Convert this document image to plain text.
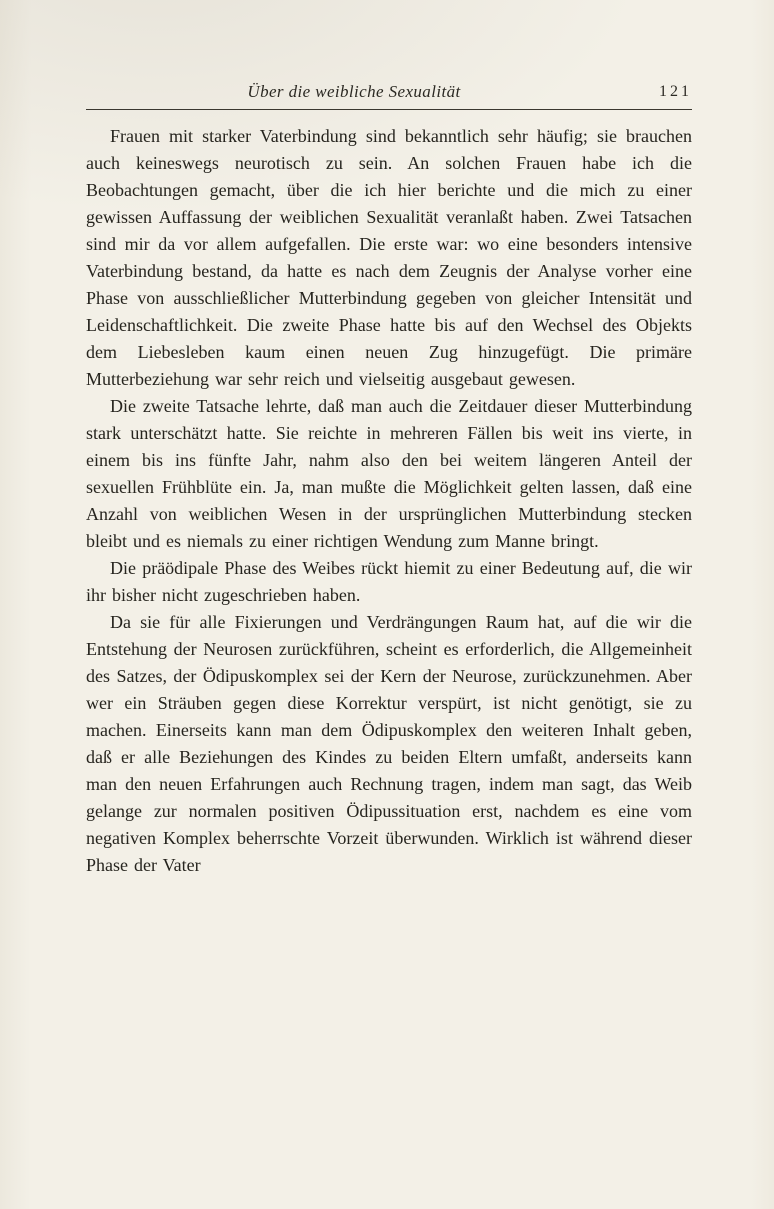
Über die weibliche Sexualität	121

Frauen mit starker Vaterbindung sind bekanntlich sehr häufig; sie brauchen auch keineswegs neurotisch zu sein. An solchen Frauen habe ich die Beobachtungen gemacht, über die ich hier berichte und die mich zu einer gewissen Auffassung der weiblichen Sexualität veranlaßt haben. Zwei Tatsachen sind mir da vor allem aufgefallen. Die erste war: wo eine besonders intensive Vaterbindung bestand, da hatte es nach dem Zeugnis der Analyse vorher eine Phase von ausschließlicher Mutterbindung gegeben von gleicher Intensität und Leidenschaftlichkeit. Die zweite Phase hatte bis auf den Wechsel des Objekts dem Liebesleben kaum einen neuen Zug hinzugefügt. Die primäre Mutterbeziehung war sehr reich und vielseitig ausgebaut gewesen.

Die zweite Tatsache lehrte, daß man auch die Zeitdauer dieser Mutterbindung stark unterschätzt hatte. Sie reichte in mehreren Fällen bis weit ins vierte, in einem bis ins fünfte Jahr, nahm also den bei weitem längeren Anteil der sexuellen Frühblüte ein. Ja, man mußte die Möglichkeit gelten lassen, daß eine Anzahl von weiblichen Wesen in der ursprünglichen Mutterbindung stecken bleibt und es niemals zu einer richtigen Wendung zum Manne bringt.

Die präödipale Phase des Weibes rückt hiemit zu einer Bedeutung auf, die wir ihr bisher nicht zugeschrieben haben.

Da sie für alle Fixierungen und Verdrängungen Raum hat, auf die wir die Entstehung der Neurosen zurückführen, scheint es erforderlich, die Allgemeinheit des Satzes, der Ödipuskomplex sei der Kern der Neurose, zurückzunehmen. Aber wer ein Sträuben gegen diese Korrektur verspürt, ist nicht genötigt, sie zu machen. Einerseits kann man dem Ödipuskomplex den weiteren Inhalt geben, daß er alle Beziehungen des Kindes zu beiden Eltern umfaßt, anderseits kann man den neuen Erfahrungen auch Rechnung tragen, indem man sagt, das Weib gelange zur normalen positiven Ödipussituation erst, nachdem es eine vom negativen Komplex beherrschte Vorzeit überwunden. Wirklich ist während dieser Phase der Vater
